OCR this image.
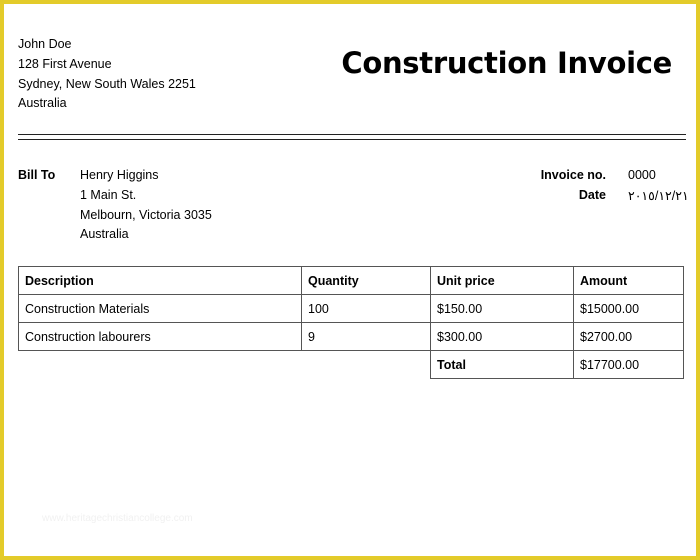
John Doe
128 First Avenue
Sydney, New South Wales 2251
Australia
Construction Invoice
Bill To Henry Higgins
1 Main St.
Melbourn, Victoria 3035
Australia
Invoice no. 0000
Date ٢٠١٥/١٢/٢١
Description	Quantity	Unit price	Amount
Construction Materials	100	$150.00	$15000.00
Construction labourers	9	$300.00	$2700.00
		Total	$17700.00
www.heritagechristiancollege.com
